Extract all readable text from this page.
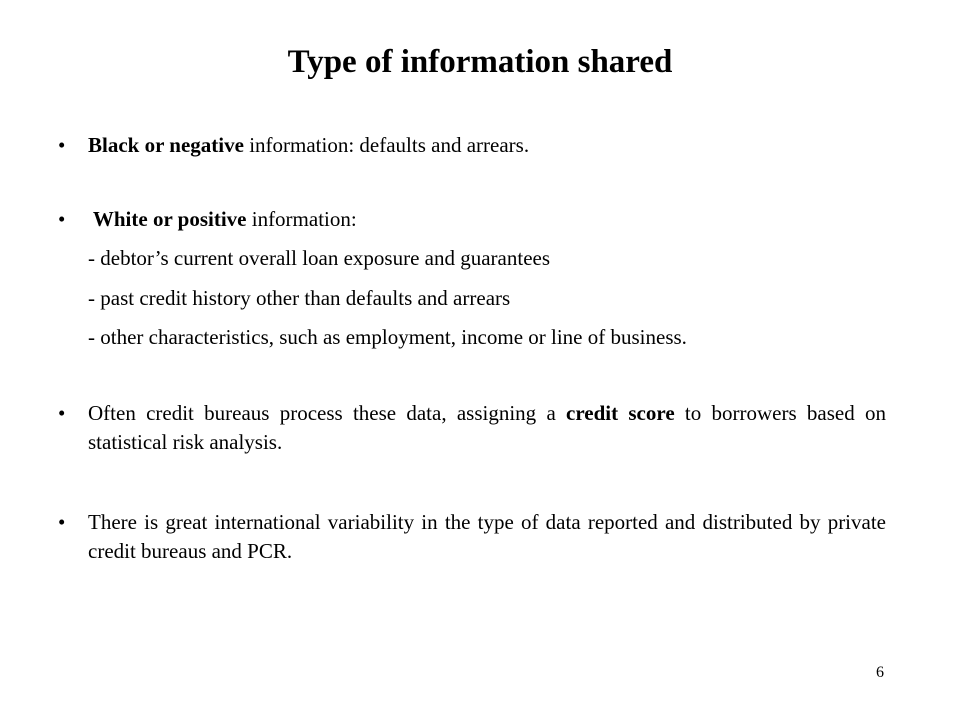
Type of information shared
•	Black or negative information: defaults and arrears.
•	White or positive information:
- debtor’s current overall loan exposure and guarantees
- past credit history other than defaults and arrears
- other characteristics, such as employment, income or line of business.
•	Often credit bureaus process these data, assigning a credit score to borrowers based on statistical risk analysis.
•	There is great international variability in the type of data reported and distributed by private credit bureaus and PCR.
6
